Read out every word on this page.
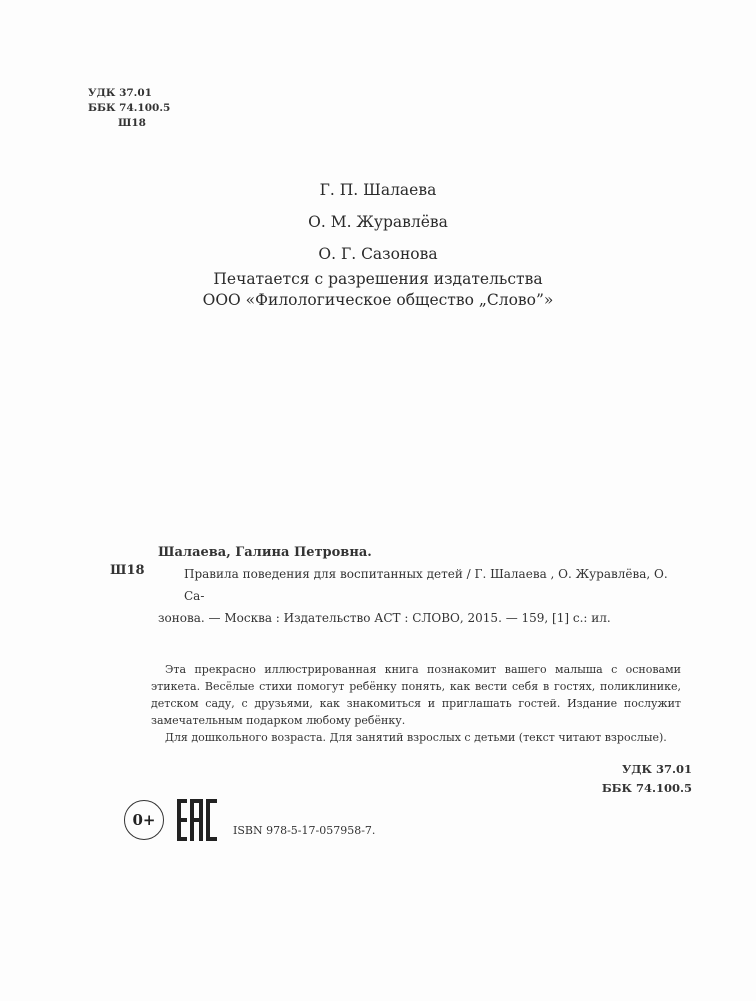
УДК 37.01
ББК 74.100.5
Ш18
Г. П. Шалаева
О. М. Журавлёва
О. Г. Сазонова
Печатается с разрешения издательства
ООО «Филологическое общество „Слово”»
Шалаева, Галина Петровна.
Ш18	Правила поведения для воспитанных детей / Г. Шалаева , О. Журавлёва, О. Са-
зонова. — Москва : Издательство АСТ : СЛОВО, 2015. — 159, [1] с.: ил.
Эта прекрасно иллюстрированная книга познакомит вашего малыша с основами этикета. Весёлые стихи помогут ребёнку понять, как вести себя в гостях, поликлинике, детском саду, с друзьями, как знакомиться и приглашать гостей. Издание послужит замечательным подарком любому ребёнку.
Для дошкольного возраста. Для занятий взрослых с детьми (текст читают взрослые).
УДК 37.01
ББК 74.100.5
0+
ISBN 978-5-17-057958-7.
